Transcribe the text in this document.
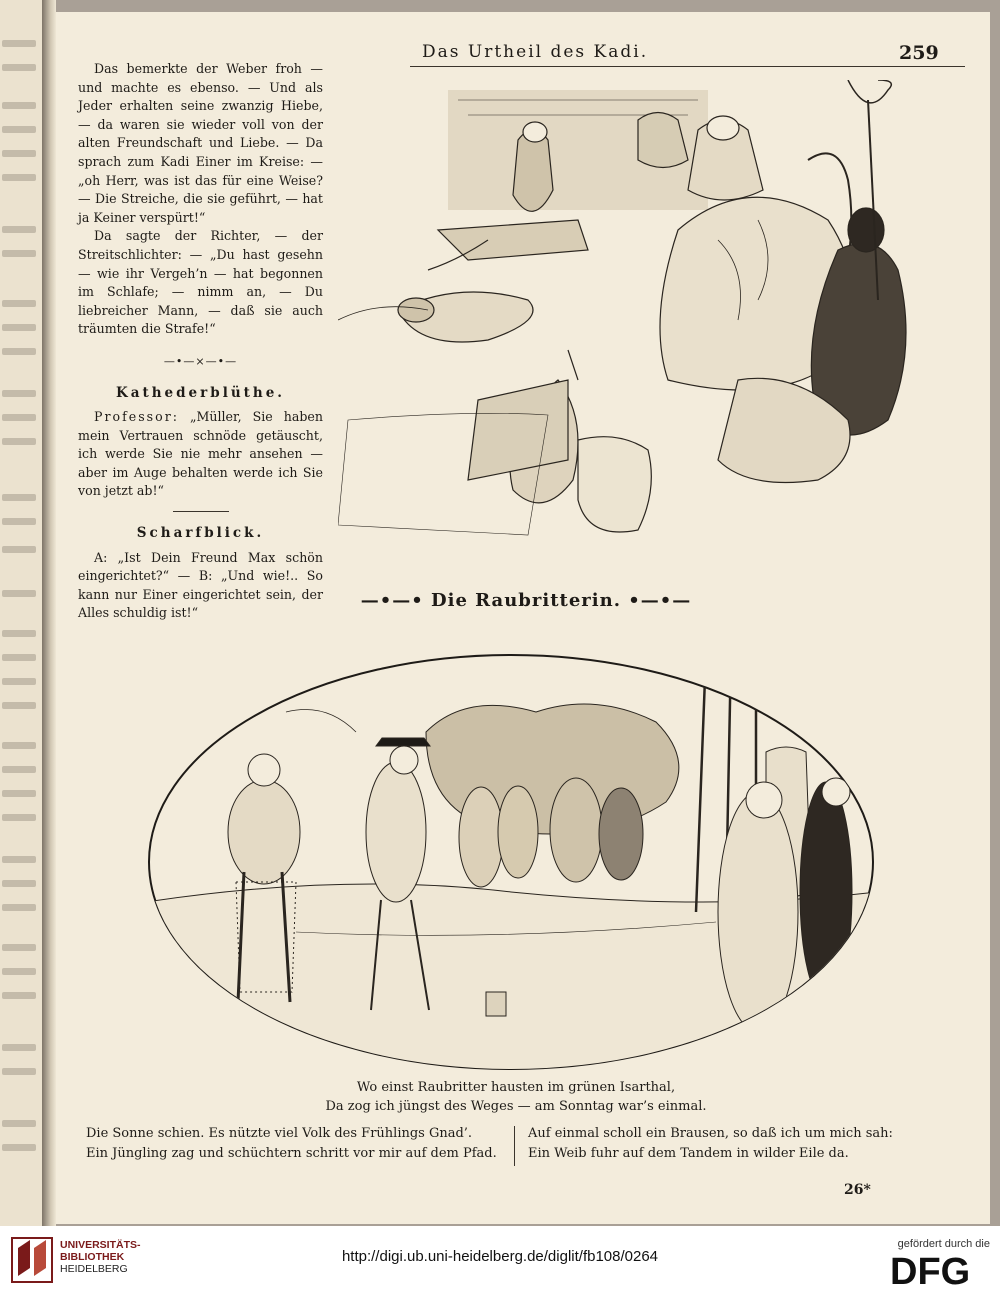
Das Urtheil des Kadi.	259

Das bemerkte der Weber froh — und machte es ebenso. — Und als Jeder erhalten seine zwanzig Hiebe, — da waren sie wieder voll von der alten Freundschaft und Liebe. — Da sprach zum Kadi Einer im Kreise: — „oh Herr, was ist das für eine Weise? — Die Streiche, die sie geführt, — hat ja Keiner verspürt!“

Da sagte der Richter, — der Streitschlichter: — „Du hast gesehn — wie ihr Vergeh’n — hat begonnen im Schlafe; — nimm an, — Du liebreicher Mann, — daß sie auch träumten die Strafe!“

—•—×—•—
Kathederblüthe.

Professor: „Müller, Sie haben mein Vertrauen schnöde getäuscht, ich werde Sie nie mehr ansehen — aber im Auge behalten werde ich Sie von jetzt ab!“

Scharfblick.

A: „Ist Dein Freund Max schön eingerichtet?“ — B: „Und wie!.. So kann nur Einer eingerichtet sein, der Alles schuldig ist!“

—•—• Die Raubritterin. •—•—
Wo einst Raubritter hausten im grünen Isarthal,
Da zog ich jüngst des Weges — am Sonntag war’s einmal.
Die Sonne schien. Es nützte viel Volk des Frühlings Gnad’.
Ein Jüngling zag und schüchtern schritt vor mir auf dem Pfad.
Auf einmal scholl ein Brausen, so daß ich um mich sah:
Ein Weib fuhr auf dem Tandem in wilder Eile da.
26*
UNIVERSITÄTS-
BIBLIOTHEK
HEIDELBERG
http://digi.ub.uni-heidelberg.de/diglit/fb108/0264
gefördert durch die
DFG
